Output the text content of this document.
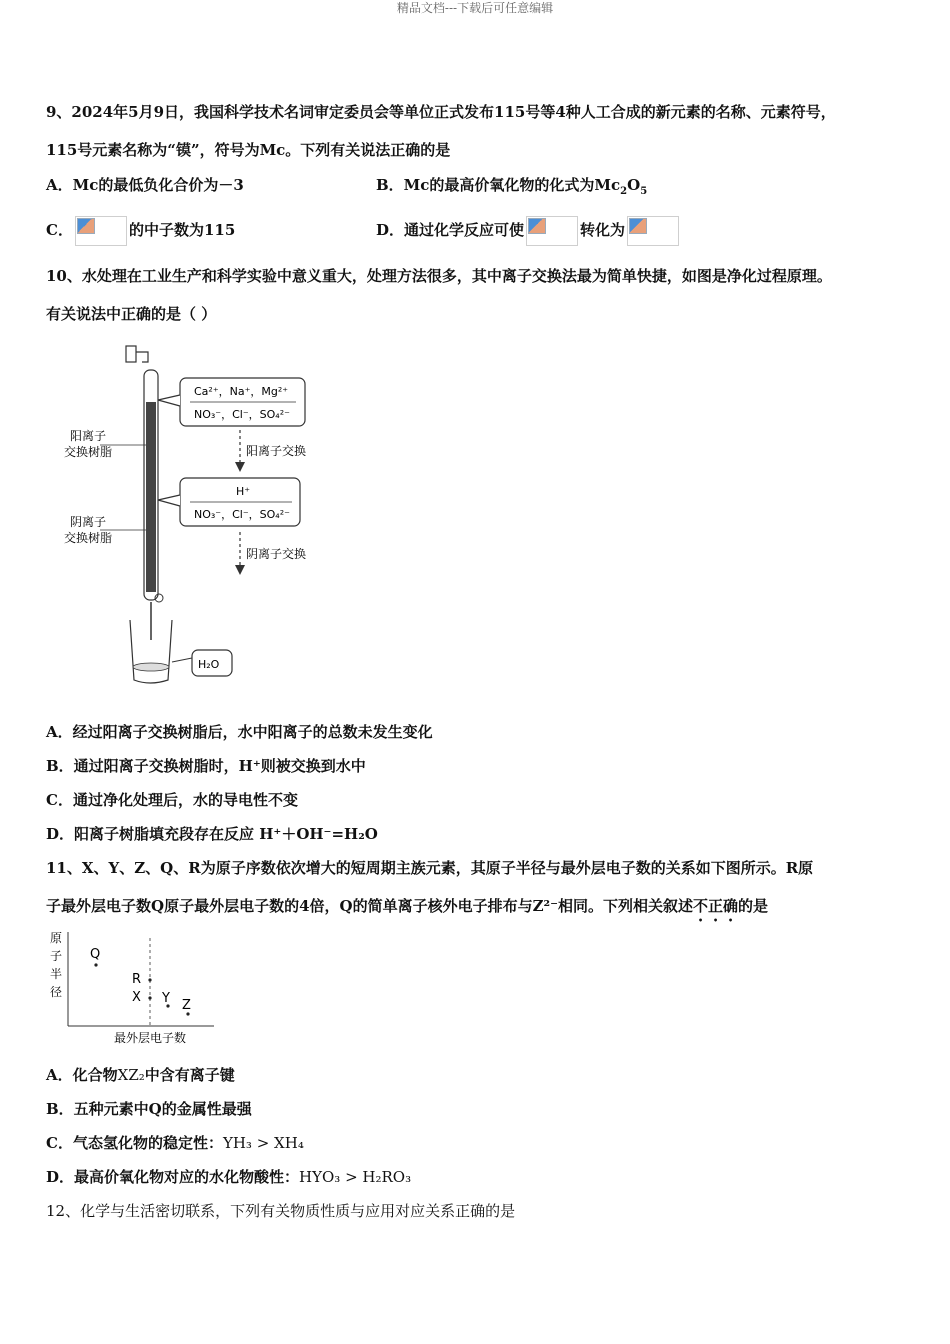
精品文档---下载后可任意编辑
9、2024年5月9日，我国科学技术名词审定委员会等单位正式发布115号等4种人工合成的新元素的名称、元素符号，
115号元素名称为“镆”，符号为Mc。下列有关说法正确的是
A．Mc的最低负化合价为－3	B．Mc的最高价氧化物的化式为$Mc_2O_5$
C．	的中子数为115	D．通过化学反应可使	转化为
10、水处理在工业生产和科学实验中意义重大，处理方法很多，其中离子交换法最为简单快捷，如图是净化过程原理。
有关说法中正确的是（ ）
阳离子
交换树脂
阴离子
交换树脂
Ca²⁺，Na⁺，Mg²⁺
NO₃⁻，Cl⁻，SO₄²⁻
阳离子交换
H⁺
NO₃⁻，Cl⁻，SO₄²⁻
阴离子交换
H₂O
A．经过阳离子交换树脂后，水中阳离子的总数未发生变化
B．通过阳离子交换树脂时，H⁺则被交换到水中
C．通过净化处理后，水的导电性不变
D．阳离子树脂填充段存在反应 H⁺＋OH⁻=H₂O
11、X、Y、Z、Q、R为原子序数依次增大的短周期主族元素，其原子半径与最外层电子数的关系如下图所示。R原
子最外层电子数Q原子最外层电子数的4倍，Q的简单离子核外电子排布与Z²⁻相同。下列相关叙述不正确的是
原
子
半
径
最外层电子数
Q
R
X Y Z
A．化合物XZ₂中含有离子键
B．五种元素中Q的金属性最强
C．气态氢化物的稳定性：YH₃ > XH₄
D．最高价氧化物对应的水化物酸性：HYO₃ > H₂RO₃
12、化学与生活密切联系，下列有关物质性质与应用对应关系正确的是
